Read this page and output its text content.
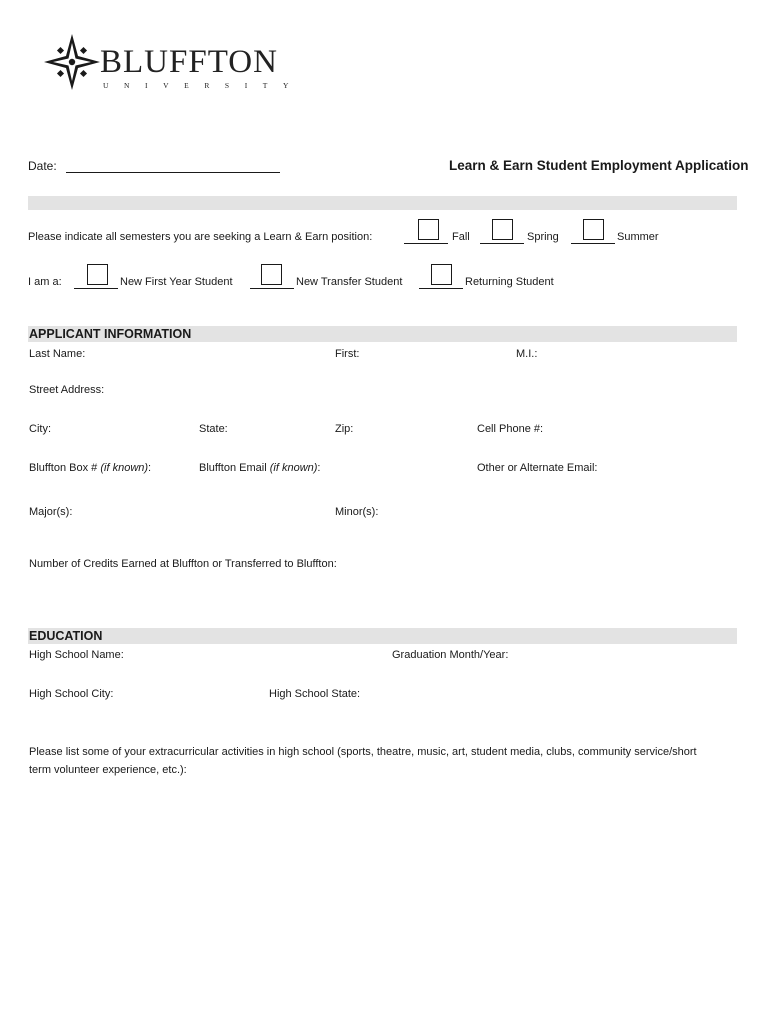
BLUFFTON
UNIVERSITY
Date:	Learn & Earn Student Employment Application
Please indicate all semesters you are seeking a Learn & Earn position:	Fall	Spring	Summer
I am a:	New First Year Student	New Transfer Student	Returning Student
APPLICANT INFORMATION
Last Name:	First:	M.I.:
Street Address:
City:	State:	Zip:	Cell Phone #:
Bluffton Box # (if known):	Bluffton Email (if known):	Other or Alternate Email:
Major(s):	Minor(s):
Number of Credits Earned at Bluffton or Transferred to Bluffton:
EDUCATION
High School Name:	Graduation Month/Year:
High School City:	High School State:
Please list some of your extracurricular activities in high school (sports, theatre, music, art, student media, clubs, community service/short
term volunteer experience, etc.):
